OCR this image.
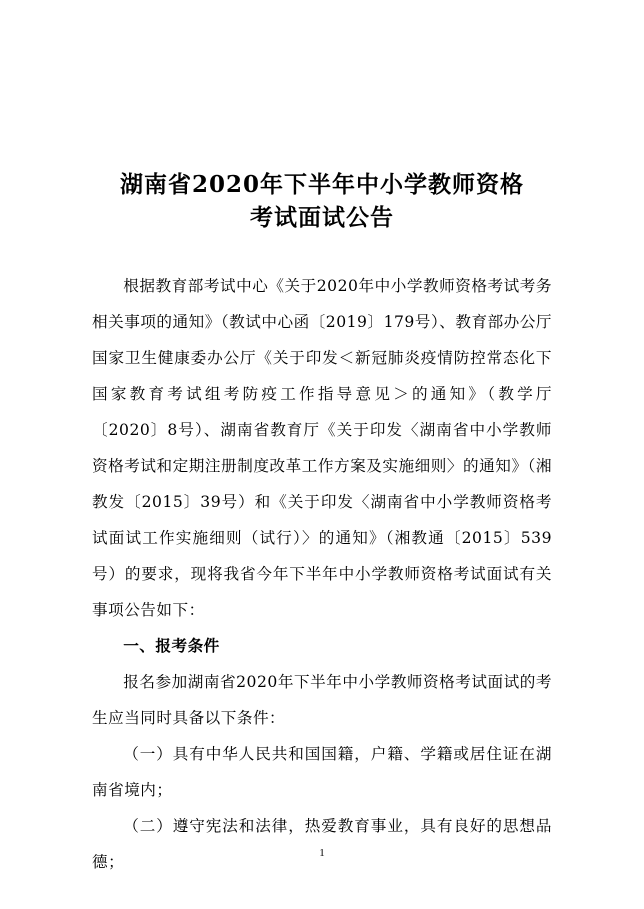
湖南省2020年下半年中小学教师资格
考试面试公告

根据教育部考试中心《关于2020年中小学教师资格考试考务相关事项的通知》（教试中心函〔2019〕179号）、教育部办公厅国家卫生健康委办公厅《关于印发＜新冠肺炎疫情防控常态化下国家教育考试组考防疫工作指导意见＞的通知》（教学厅〔2020〕8号）、湖南省教育厅《关于印发〈湖南省中小学教师资格考试和定期注册制度改革工作方案及实施细则〉的通知》（湘教发〔2015〕39号）和《关于印发〈湖南省中小学教师资格考试面试工作实施细则（试行）〉的通知》（湘教通〔2015〕539号）的要求，现将我省今年下半年中小学教师资格考试面试有关事项公告如下：

一、报考条件

报名参加湖南省2020年下半年中小学教师资格考试面试的考生应当同时具备以下条件：

（一）具有中华人民共和国国籍，户籍、学籍或居住证在湖南省境内；

（二）遵守宪法和法律，热爱教育事业，具有良好的思想品德；	1
